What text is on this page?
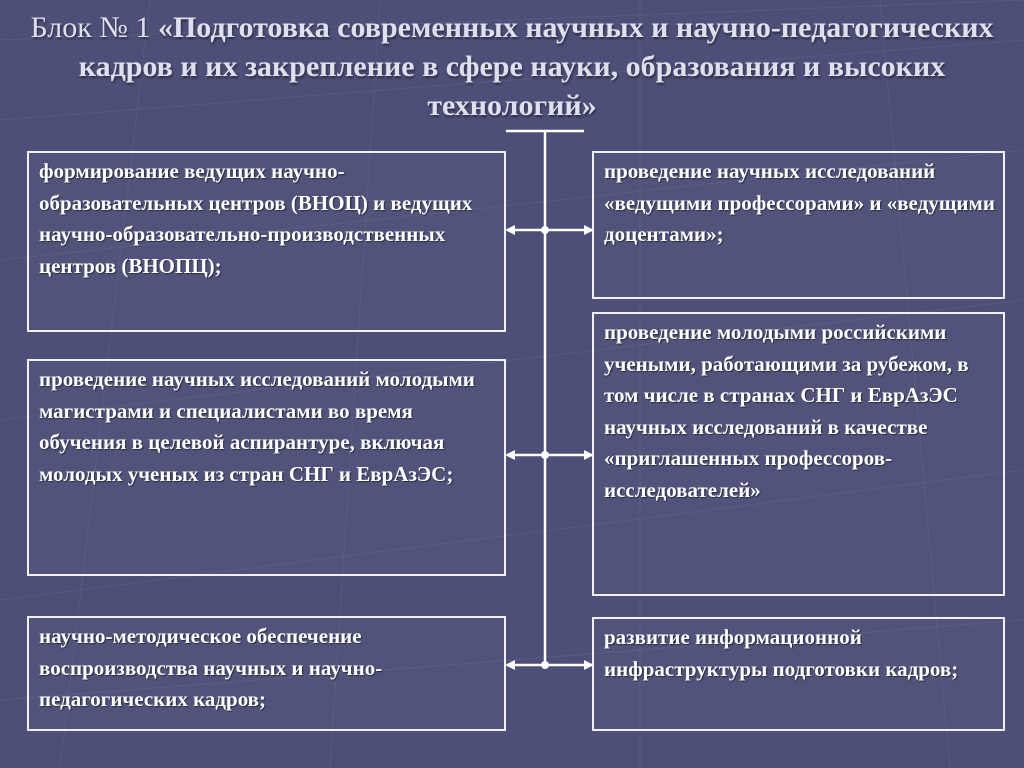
Блок № 1 «Подготовка современных научных и научно-педагогических кадров и их закрепление в сфере науки, образования и высоких технологий»
формирование ведущих научно-образовательных центров (ВНОЦ) и ведущих научно-образовательно-производственных центров (ВНОПЦ);
проведение научных исследований молодыми магистрами и специалистами во время обучения в целевой аспирантуре, включая молодых ученых из стран СНГ и ЕврАзЭС;
научно-методическое обеспечение воспроизводства научных и научно-педагогических кадров;
проведение научных исследований «ведущими профессорами» и «ведущими доцентами»;
проведение молодыми российскими учеными, работающими за рубежом, в том числе в странах СНГ и ЕврАзЭС научных исследований в качестве «приглашенных профессоров-исследователей»
развитие информационной инфраструктуры подготовки кадров;
